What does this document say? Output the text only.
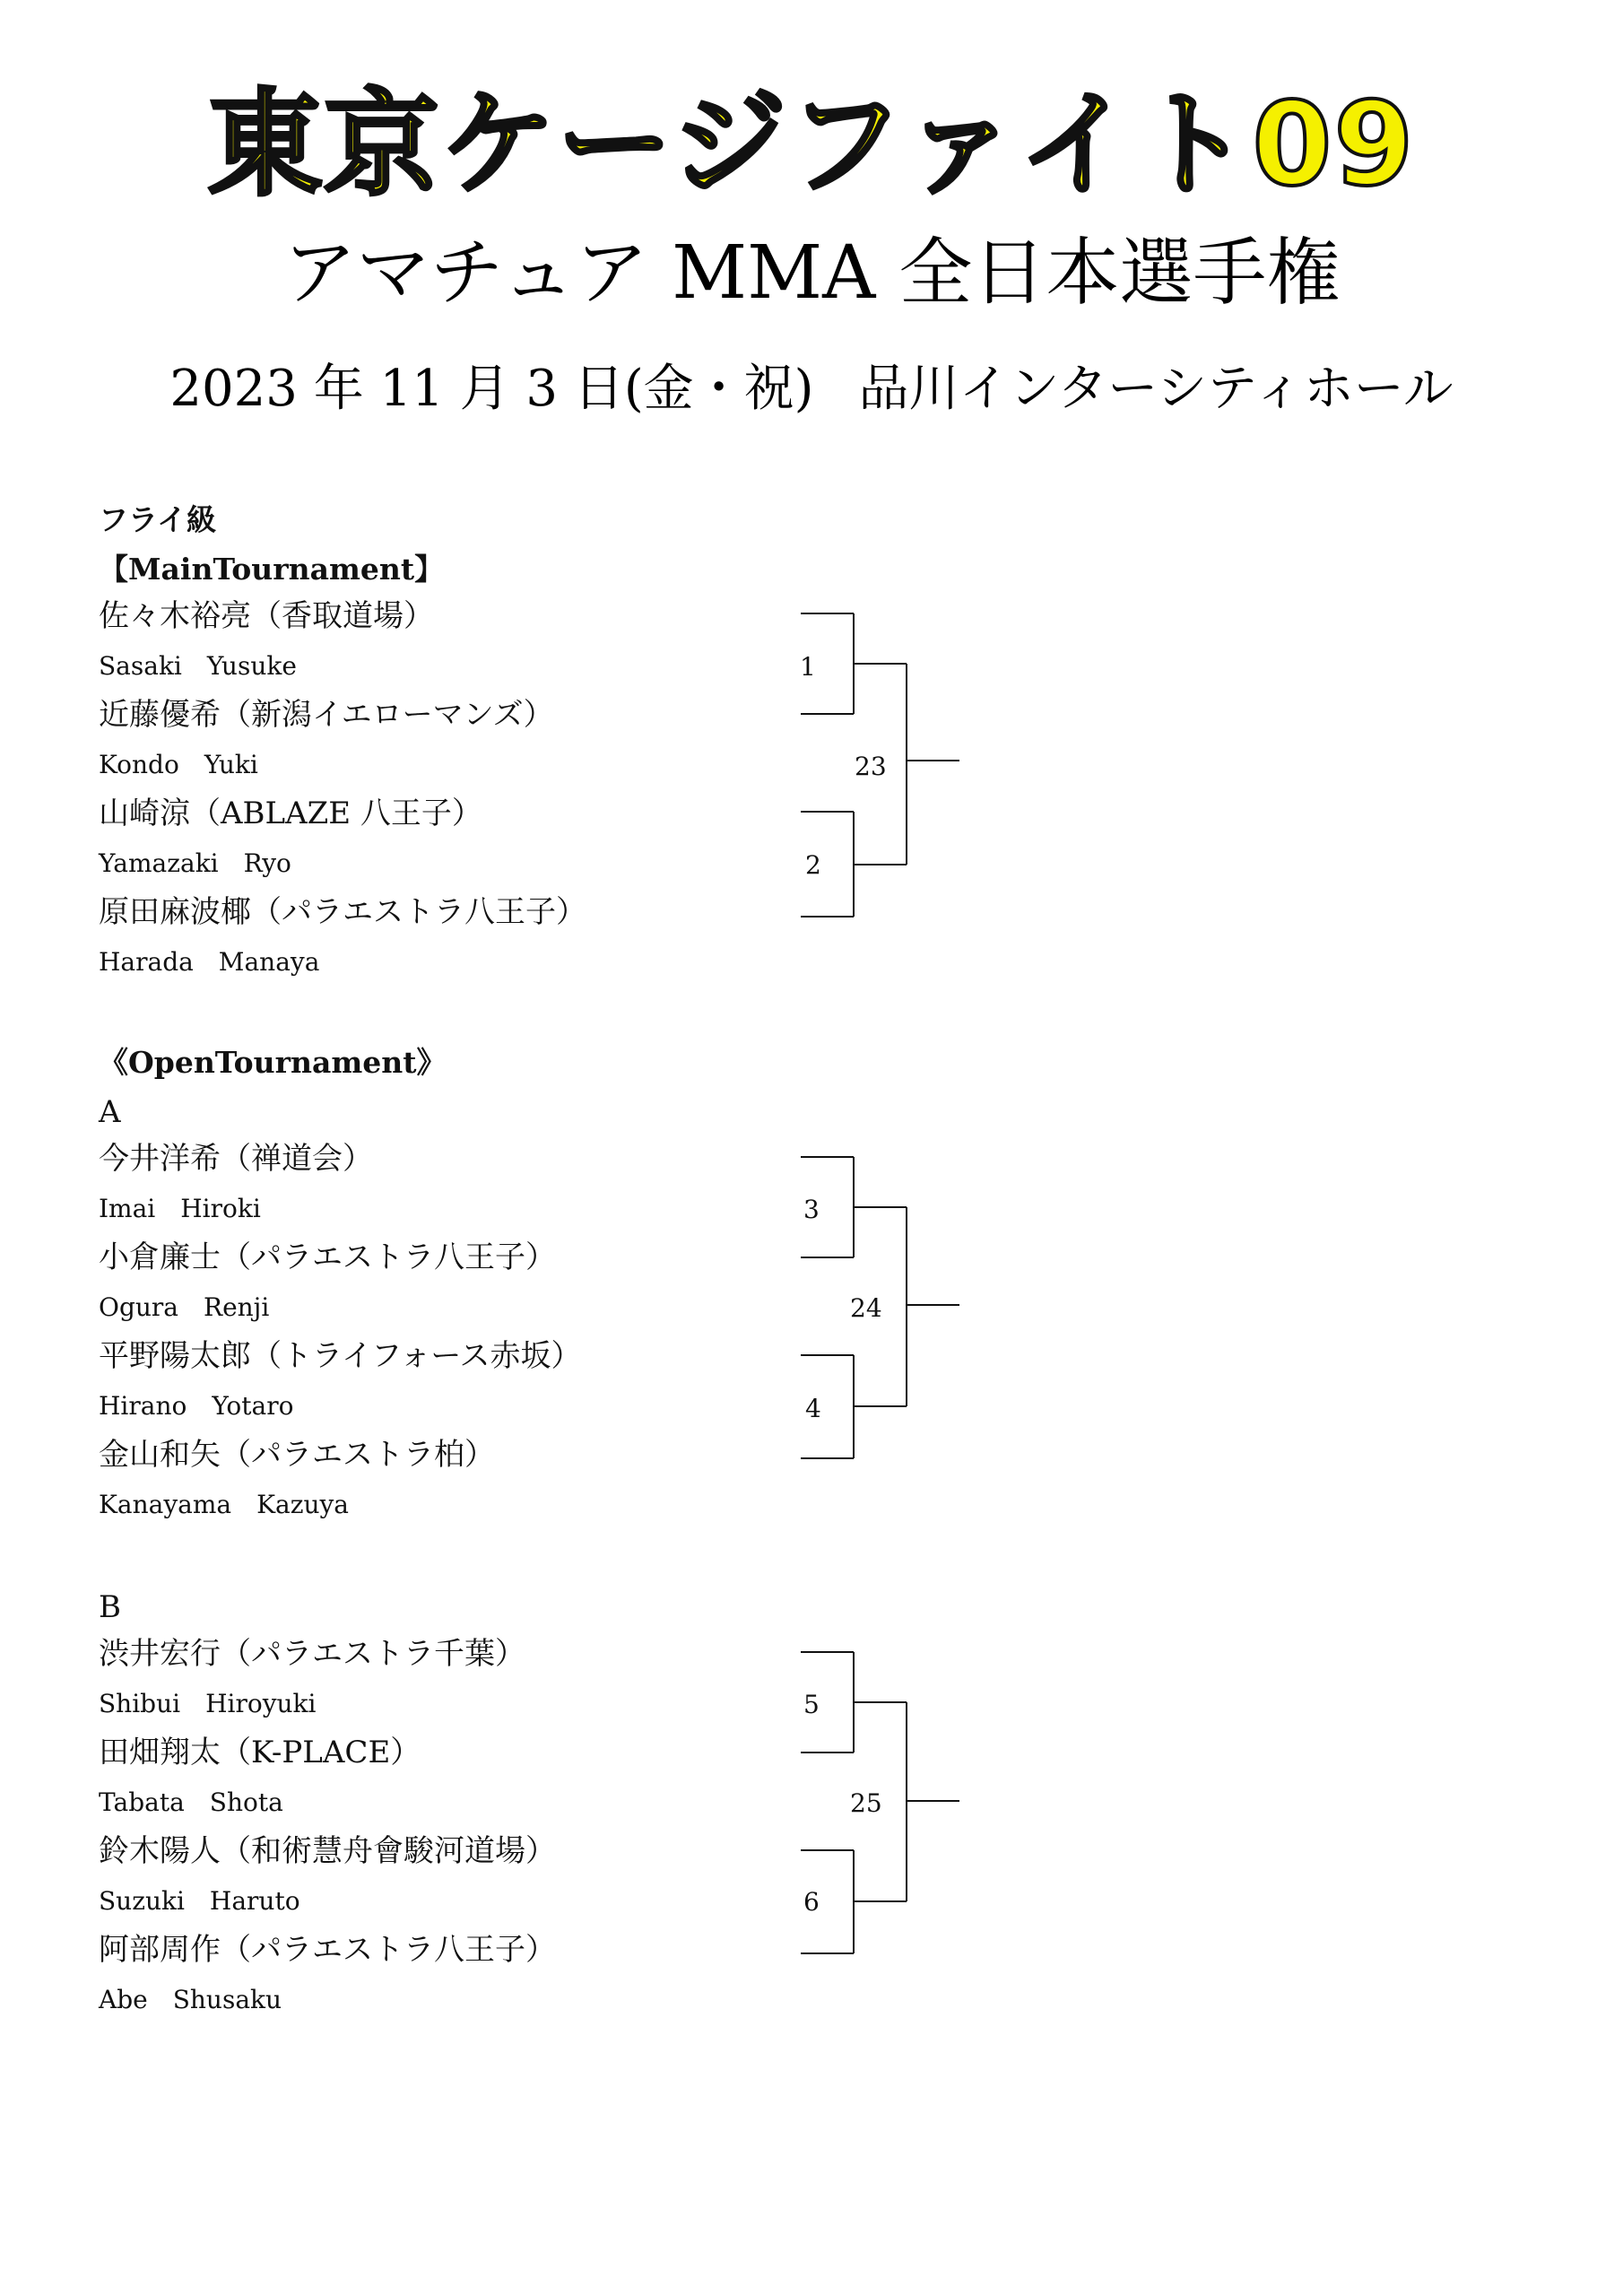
東京ケージファイト09
アマチュア MMA 全日本選手権
2023 年 11 月 3 日(金・祝) 品川インターシティホール
フライ級
【MainTournament】
佐々木裕亮（香取道場）
Sasaki　Yusuke
近藤優希（新潟イエローマンズ）
Kondo　Yuki
山崎涼（ABLAZE 八王子）
Yamazaki　Ryo
原田麻波椰（パラエストラ八王子）
Harada　Manaya
《OpenTournament》
A
今井洋希（禅道会）
Imai　Hiroki
小倉廉士（パラエストラ八王子）
Ogura　Renji
平野陽太郎（トライフォース赤坂）
Hirano　Yotaro
金山和矢（パラエストラ柏）
Kanayama　Kazuya
B
渋井宏行（パラエストラ千葉）
Shibui　Hiroyuki
田畑翔太（K-PLACE）
Tabata　Shota
鈴木陽人（和術慧舟會駿河道場）
Suzuki　Haruto
阿部周作（パラエストラ八王子）
Abe　Shusaku
1
2
23
3
4
24
5
6
25
